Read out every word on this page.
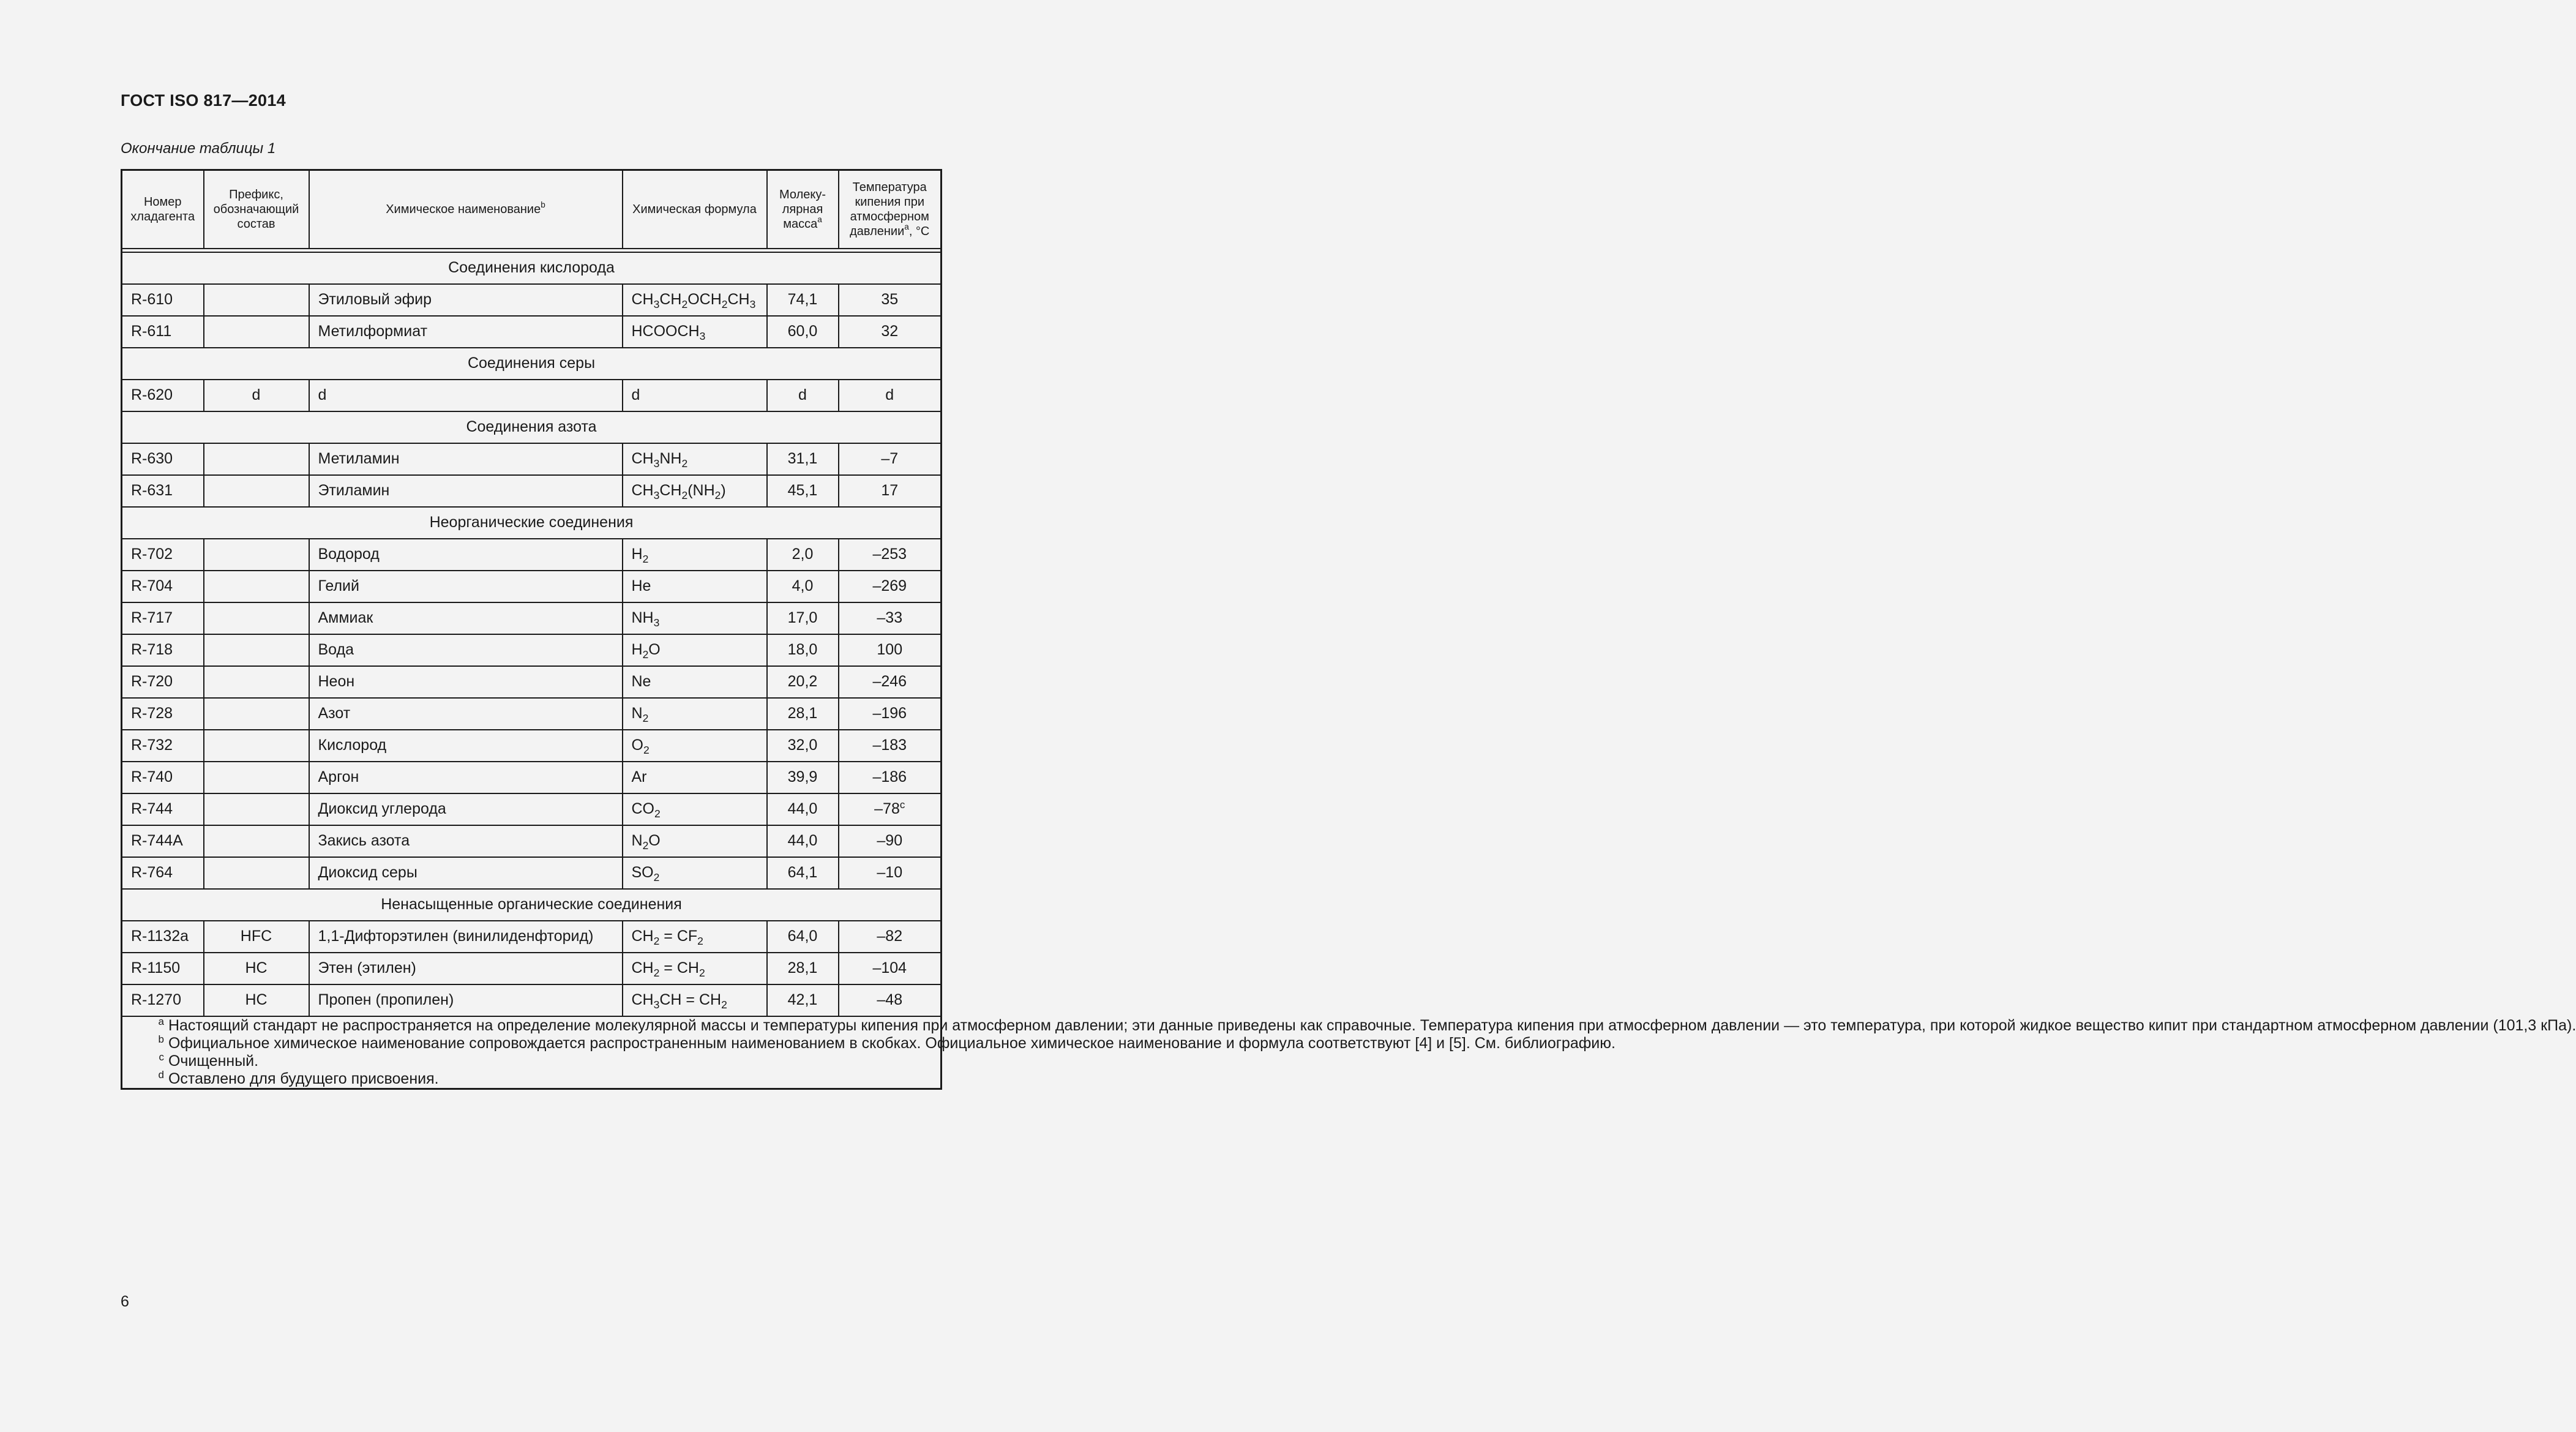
ГОСТ ISO 817—2014
Окончание таблицы 1
Номер хладагента	Префикс, обозначающий состав	Химическое наименование$^b$	Химическая формула	Молеку-лярная масса$^a$	Температура кипения при атмосферном давлении$^a$, °C

Соединения кислорода					
R-610		Этиловый эфир	$CH_3CH_2OCH_2CH_3$	74,1	35
R-611		Метилформиат	$HCOOCH_3$	60,0	32
Соединения серы					
R-620	d	d	d	d	d
Соединения азота					
R-630		Метиламин	$CH_3NH_2$	31,1	–7
R-631		Этиламин	$CH_3CH_2(NH_2)$	45,1	17
Неорганические соединения					
R-702		Водород	$H_2$	2,0	–253
R-704		Гелий	He	4,0	–269
R-717		Аммиак	$NH_3$	17,0	–33
R-718		Вода	$H_2O$	18,0	100
R-720		Неон	Ne	20,2	–246
R-728		Азот	$N_2$	28,1	–196
R-732		Кислород	$O_2$	32,0	–183
R-740		Аргон	Ar	39,9	–186
R-744		Диоксид углерода	$CO_2$	44,0	–78$^c$
R-744A		Закись азота	$N_2O$	44,0	–90
R-764		Диоксид серы	$SO_2$	64,1	–10
Ненасыщенные органические соединения					
R-1132a	HFC	1,1-Дифторэтилен (винилиденфторид)	$CH_2 = CF_2$	64,0	–82
R-1150	HC	Этен (этилен)	$CH_2 = CH_2$	28,1	–104
R-1270	HC	Пропен (пропилен)	$CH_3CH = CH_2$	42,1	–48

$^a$ Настоящий стандарт не распространяется на определение молекулярной массы и температуры кипения при атмосферном давлении; эти данные приведены как справочные. Температура кипения при атмосферном давлении — это температура, при которой жидкое вещество кипит при стандартном атмосферном давлении (101,3 кПа).
$^b$ Официальное химическое наименование сопровождается распространенным наименованием в скобках. Официальное химическое наименование и формула соответствуют [4] и [5]. См. библиографию.
$^c$ Очищенный.
$^d$ Оставлено для будущего присвоения.					
6
